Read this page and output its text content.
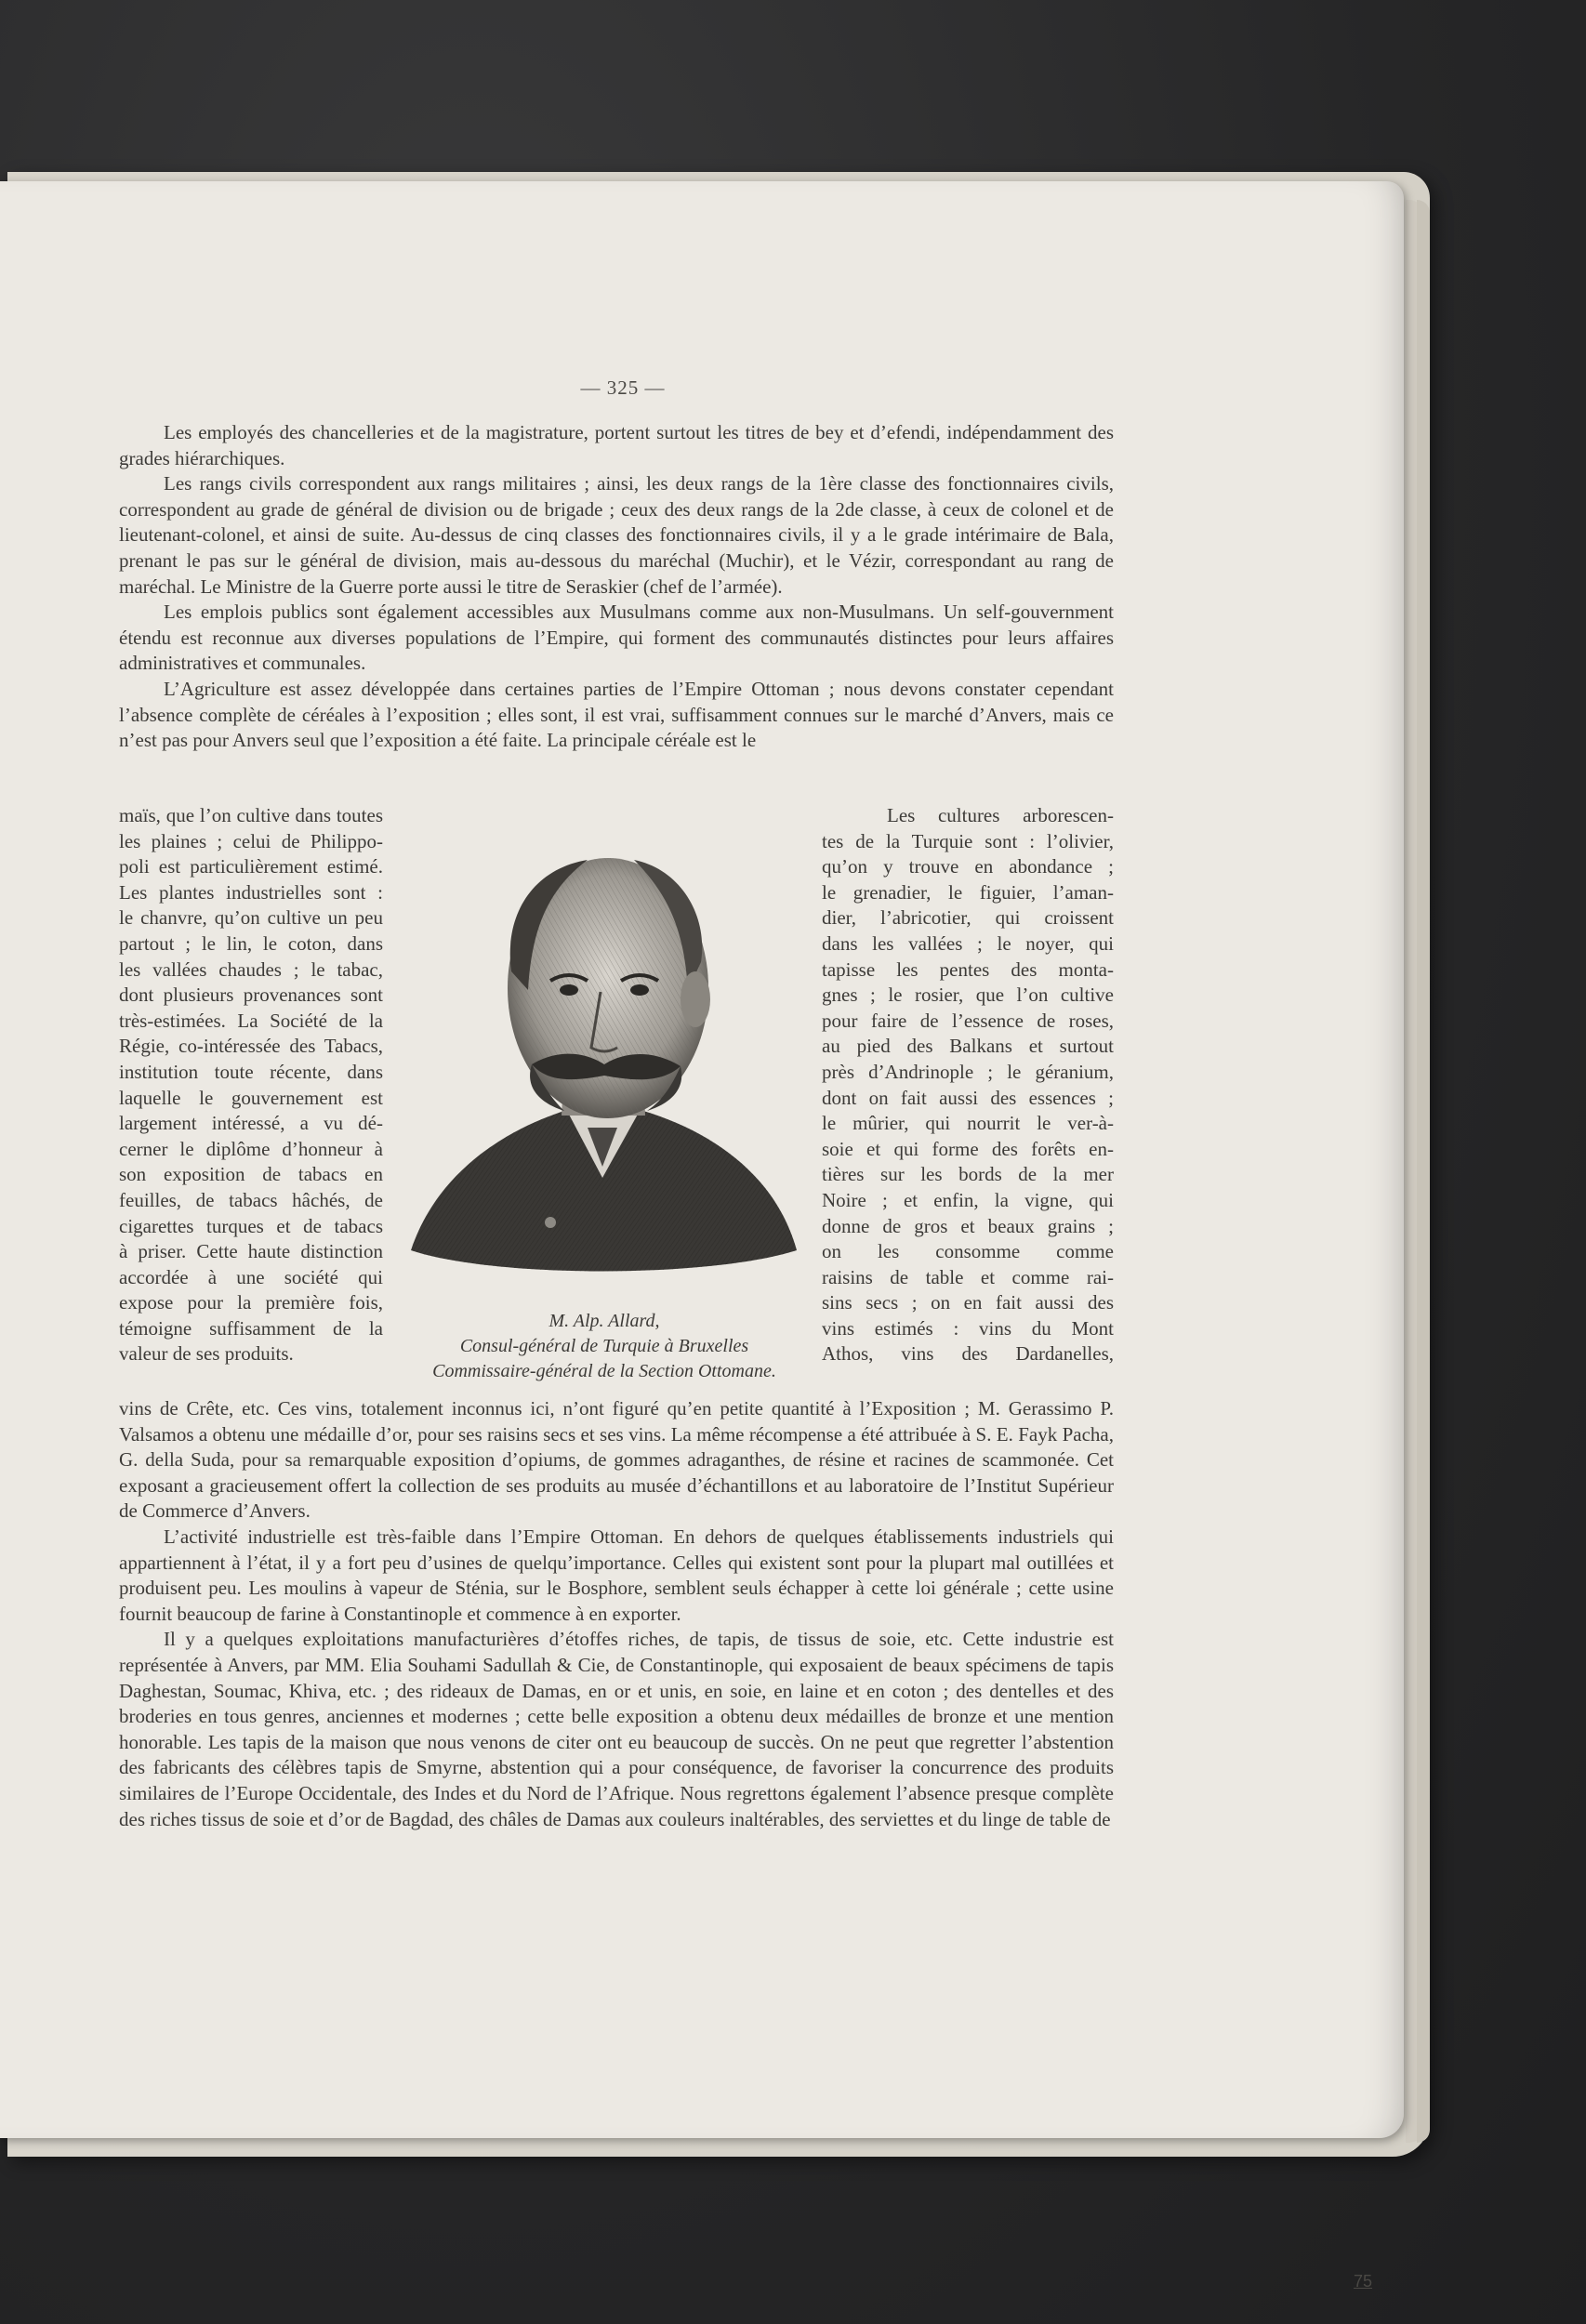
— 325 —

Les employés des chancelleries et de la magistrature, portent surtout les titres de bey et d’efendi, indépendamment des grades hiérarchiques.

Les rangs civils correspondent aux rangs militaires ; ainsi, les deux rangs de la 1ère classe des fonctionnaires civils, correspondent au grade de général de division ou de brigade ; ceux des deux rangs de la 2de classe, à ceux de colonel et de lieutenant-colonel, et ainsi de suite. Au-dessus de cinq classes des fonctionnaires civils, il y a le grade intérimaire de Bala, prenant le pas sur le général de division, mais au-dessous du maréchal (Muchir), et le Vézir, correspondant au rang de maréchal. Le Ministre de la Guerre porte aussi le titre de Seraskier (chef de l’armée).

Les emplois publics sont également accessibles aux Musulmans comme aux non-Musulmans. Un self-gouvernment étendu est reconnue aux diverses populations de l’Empire, qui forment des communautés distinctes pour leurs affaires administratives et communales.

L’Agriculture est assez développée dans certaines parties de l’Empire Ottoman ; nous devons constater cependant l’absence complète de céréales à l’exposition ; elles sont, il est vrai, suffisamment connues sur le marché d’Anvers, mais ce n’est pas pour Anvers seul que l’exposition a été faite. La principale céréale est le

maïs, que l’on cultive dans toutes
les plaines ; celui de Philippo-
poli est particulièrement estimé.
Les plantes industrielles sont :
le chanvre, qu’on cultive un peu
partout ; le lin, le coton, dans
les vallées chaudes ; le tabac,
dont plusieurs provenances sont
très-estimées. La Société de la
Régie, co-intéressée des Tabacs,
institution toute récente, dans
laquelle le gouvernement est
largement intéressé, a vu dé-
cerner le diplôme d’honneur à
son exposition de tabacs en
feuilles, de tabacs hâchés, de
cigarettes turques et de tabacs
à priser. Cette haute distinction
accordée à une société qui
expose pour la première fois,
témoigne suffisamment de la
valeur de ses produits.
Les cultures arborescen-
tes de la Turquie sont : l’olivier,
qu’on y trouve en abondance ;
le grenadier, le figuier, l’aman-
dier, l’abricotier, qui croissent
dans les vallées ; le noyer, qui
tapisse les pentes des monta-
gnes ; le rosier, que l’on cultive
pour faire de l’essence de roses,
au pied des Balkans et surtout
près d’Andrinople ; le géranium,
dont on fait aussi des essences ;
le mûrier, qui nourrit le ver-à-
soie et qui forme des forêts en-
tières sur les bords de la mer
Noire ; et enfin, la vigne, qui
donne de gros et beaux grains ;
on les consomme comme
raisins de table et comme rai-
sins secs ; on en fait aussi des
vins estimés : vins du Mont
Athos, vins des Dardanelles,
M. Alp. Allard,
Consul-général de Turquie à Bruxelles
Commissaire-général de la Section Ottomane.

vins de Crête, etc. Ces vins, totalement inconnus ici, n’ont figuré qu’en petite quantité à l’Exposition ; M. Gerassimo P. Valsamos a obtenu une médaille d’or, pour ses raisins secs et ses vins. La même récompense a été attribuée à S. E. Fayk Pacha, G. della Suda, pour sa remarquable exposition d’opiums, de gommes adraganthes, de résine et racines de scammonée. Cet exposant a gracieusement offert la collection de ses produits au musée d’échantillons et au laboratoire de l’Institut Supérieur de Commerce d’Anvers.

L’activité industrielle est très-faible dans l’Empire Ottoman. En dehors de quelques établissements industriels qui appartiennent à l’état, il y a fort peu d’usines de quelqu’importance. Celles qui existent sont pour la plupart mal outillées et produisent peu. Les moulins à vapeur de Sténia, sur le Bosphore, semblent seuls échapper à cette loi générale ; cette usine fournit beaucoup de farine à Constantinople et commence à en exporter.

Il y a quelques exploitations manufacturières d’étoffes riches, de tapis, de tissus de soie, etc. Cette industrie est représentée à Anvers, par MM. Elia Souhami Sadullah & Cie, de Constantinople, qui exposaient de beaux spécimens de tapis Daghestan, Soumac, Khiva, etc. ; des rideaux de Damas, en or et unis, en soie, en laine et en coton ; des dentelles et des broderies en tous genres, anciennes et modernes ; cette belle exposition a obtenu deux médailles de bronze et une mention honorable. Les tapis de la maison que nous venons de citer ont eu beaucoup de succès. On ne peut que regretter l’abstention des fabricants des célèbres tapis de Smyrne, abstention qui a pour conséquence, de favoriser la concurrence des produits similaires de l’Europe Occidentale, des Indes et du Nord de l’Afrique. Nous regrettons également l’absence presque complète des riches tissus de soie et d’or de Bagdad, des châles de Damas aux couleurs inaltérables, des serviettes et du linge de table de

75
